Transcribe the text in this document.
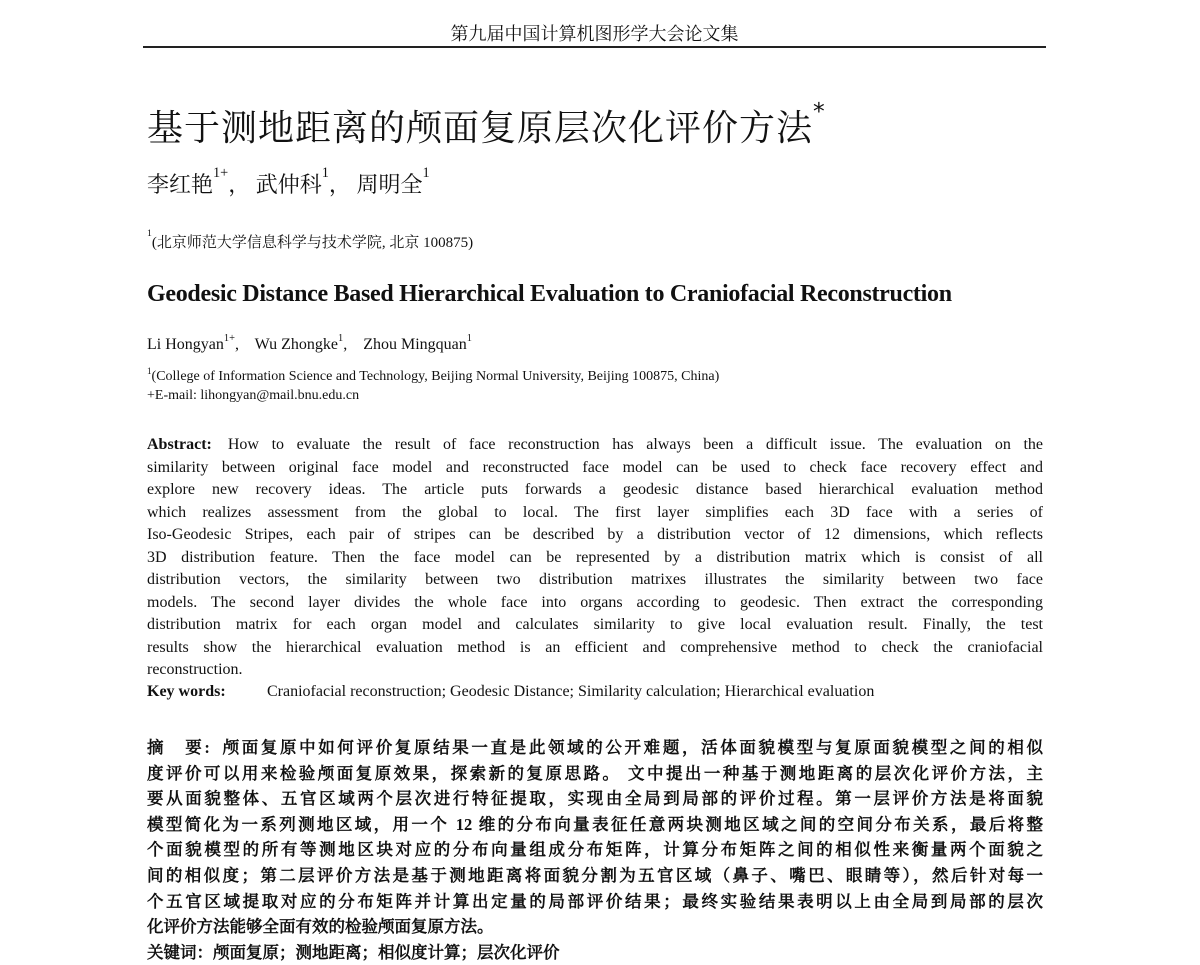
第九届中国计算机图形学大会论文集
基于测地距离的颅面复原层次化评价方法*
李红艳$^{1+}$， 武仲科$^1$， 周明全$^1$
$^1$(北京师范大学信息科学与技术学院, 北京 100875)
Geodesic Distance Based Hierarchical Evaluation to Craniofacial Reconstruction
Li Hongyan$^{1+}$,    Wu Zhongke$^1$,    Zhou Mingquan$^1$
$^1$(College of Information Science and Technology, Beijing Normal University, Beijing 100875, China)
+E-mail: lihongyan@mail.bnu.edu.cn
Abstract: How to evaluate the result of face reconstruction has always been a difficult issue. The evaluation on the
similarity between original face model and reconstructed face model can be used to check face recovery effect and
explore new recovery ideas. The article puts forwards a geodesic distance based hierarchical evaluation method
which realizes assessment from the global to local. The first layer simplifies each 3D face with a series of
Iso-Geodesic Stripes, each pair of stripes can be described by a distribution vector of 12 dimensions, which reflects
3D distribution feature. Then the face model can be represented by a distribution matrix which is consist of all
distribution vectors, the similarity between two distribution matrixes illustrates the similarity between two face
models. The second layer divides the whole face into organs according to geodesic. Then extract the corresponding
distribution matrix for each organ model and calculates similarity to give local evaluation result. Finally, the test
results show the hierarchical evaluation method is an efficient and comprehensive method to check the craniofacial
reconstruction.
Key words:	Craniofacial reconstruction; Geodesic Distance; Similarity calculation; Hierarchical evaluation
摘　要: 颅面复原中如何评价复原结果一直是此领域的公开难题，活体面貌模型与复原面貌模型之间的相似
度评价可以用来检验颅面复原效果，探索新的复原思路。 文中提出一种基于测地距离的层次化评价方法，主
要从面貌整体、五官区域两个层次进行特征提取，实现由全局到局部的评价过程。第一层评价方法是将面貌
模型简化为一系列测地区域，用一个 12 维的分布向量表征任意两块测地区域之间的空间分布关系，最后将整
个面貌模型的所有等测地区块对应的分布向量组成分布矩阵，计算分布矩阵之间的相似性来衡量两个面貌之
间的相似度；第二层评价方法是基于测地距离将面貌分割为五官区域（鼻子、嘴巴、眼睛等），然后针对每一
个五官区域提取对应的分布矩阵并计算出定量的局部评价结果；最终实验结果表明以上由全局到局部的层次
化评价方法能够全面有效的检验颅面复原方法。
关键词：颅面复原；测地距离；相似度计算；层次化评价
